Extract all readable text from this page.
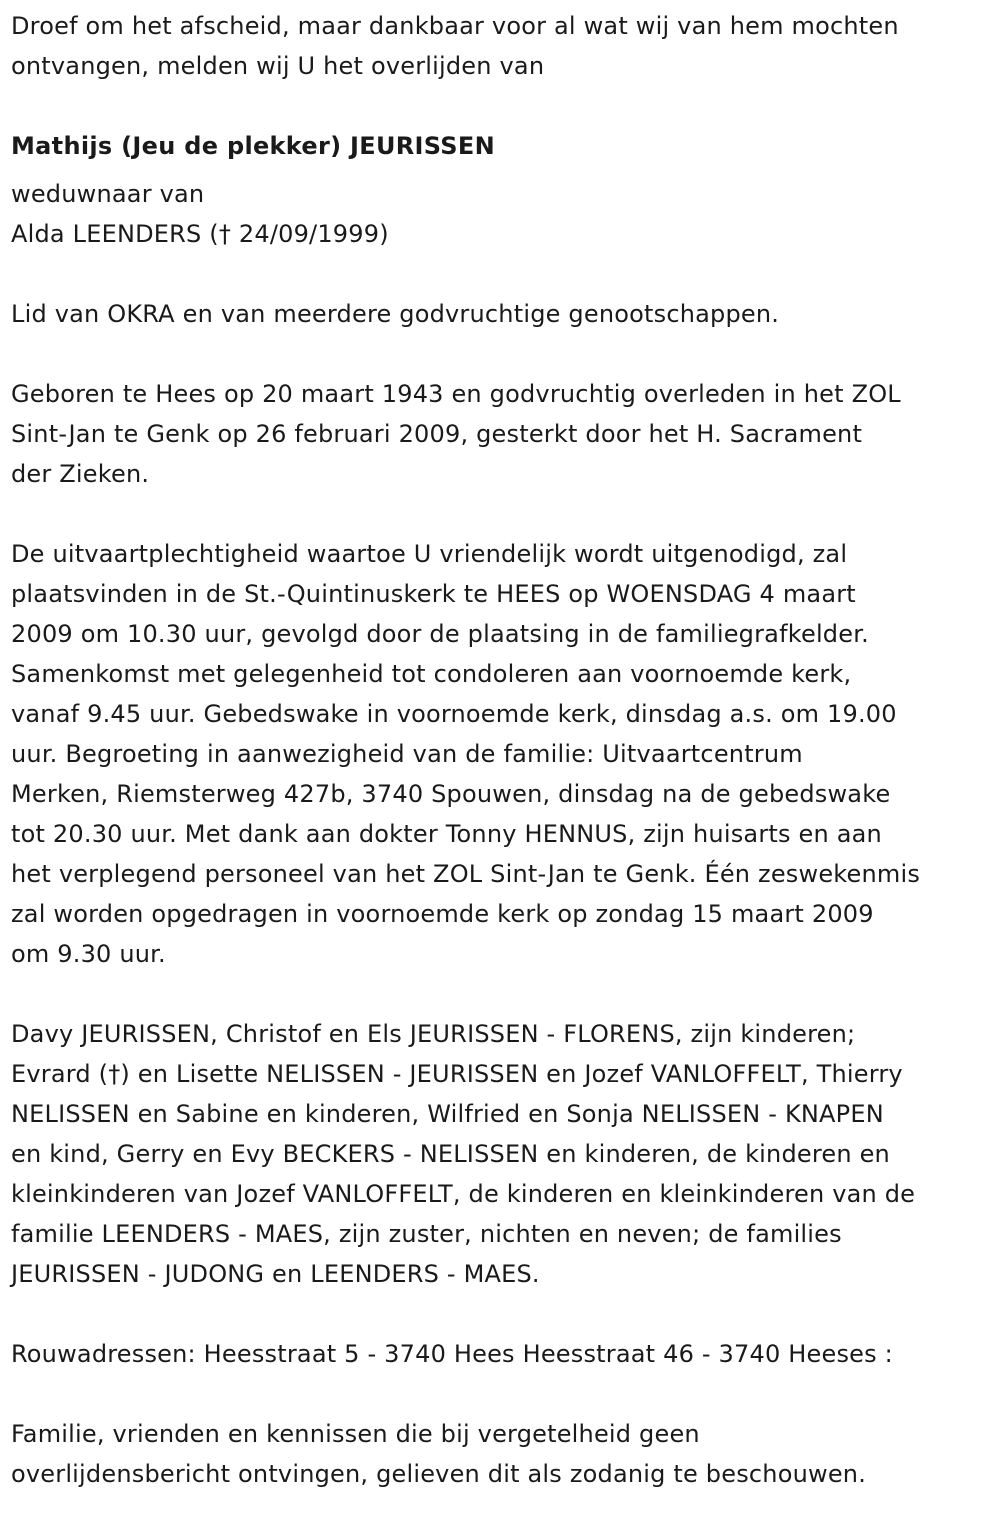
Droef om het afscheid, maar dankbaar voor al wat wij van hem mochten
ontvangen, melden wij U het overlijden van

Mathijs (Jeu de plekker) JEURISSEN

weduwnaar van

Alda LEENDERS († 24/09/1999)

Lid van OKRA en van meerdere godvruchtige genootschappen.

Geboren te Hees op 20 maart 1943 en godvruchtig overleden in het ZOL
Sint-Jan te Genk op 26 februari 2009, gesterkt door het H. Sacrament
der Zieken.

De uitvaartplechtigheid waartoe U vriendelijk wordt uitgenodigd, zal
plaatsvinden in de St.-Quintinuskerk te HEES op WOENSDAG 4 maart
2009 om 10.30 uur, gevolgd door de plaatsing in de familiegrafkelder.
Samenkomst met gelegenheid tot condoleren aan voornoemde kerk,
vanaf 9.45 uur. Gebedswake in voornoemde kerk, dinsdag a.s. om 19.00
uur. Begroeting in aanwezigheid van de familie: Uitvaartcentrum
Merken, Riemsterweg 427b, 3740 Spouwen, dinsdag na de gebedswake
tot 20.30 uur. Met dank aan dokter Tonny HENNUS, zijn huisarts en aan
het verplegend personeel van het ZOL Sint-Jan te Genk. Één zeswekenmis
zal worden opgedragen in voornoemde kerk op zondag 15 maart 2009
om 9.30 uur.

Davy JEURISSEN, Christof en Els JEURISSEN - FLORENS, zijn kinderen;
Evrard (†) en Lisette NELISSEN - JEURISSEN en Jozef VANLOFFELT, Thierry
NELISSEN en Sabine en kinderen, Wilfried en Sonja NELISSEN - KNAPEN
en kind, Gerry en Evy BECKERS - NELISSEN en kinderen, de kinderen en
kleinkinderen van Jozef VANLOFFELT, de kinderen en kleinkinderen van de
familie LEENDERS - MAES, zijn zuster, nichten en neven; de families
JEURISSEN - JUDONG en LEENDERS - MAES.

Rouwadressen: Heesstraat 5 - 3740 Hees Heesstraat 46 - 3740 Heeses :

Familie, vrienden en kennissen die bij vergetelheid geen
overlijdensbericht ontvingen, gelieven dit als zodanig te beschouwen.
